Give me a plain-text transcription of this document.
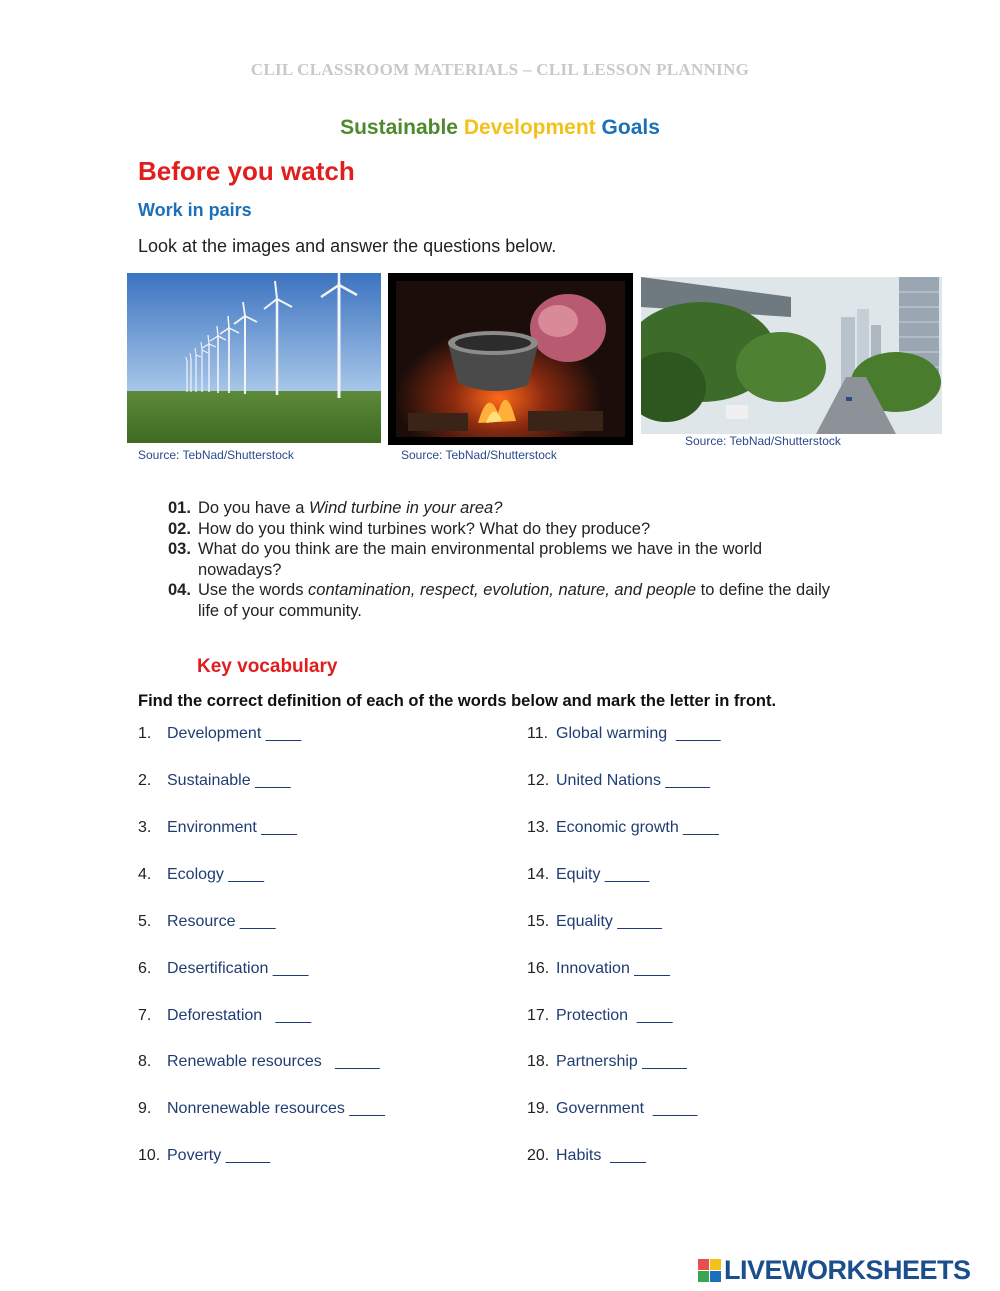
CLIL CLASSROOM MATERIALS – CLIL LESSON PLANNING
Sustainable Development Goals
Before you watch
Work in pairs
Look at the images and answer the questions below.
Source: TebNad/Shutterstock	Source: TebNad/Shutterstock
Source: TebNad/Shutterstock
01. Do you have a Wind turbine in your area?
02. How do you think wind turbines work? What do they produce?
03. What do you think are the main environmental problems we have in the world nowadays?
04. Use the words contamination, respect, evolution, nature, and people to define the daily life of your community.
Key vocabulary
Find the correct definition of each of the words below and mark the letter in front.
1. Development ____
2. Sustainable ____
3. Environment ____
4. Ecology ____
5. Resource ____
6. Desertification ____
7. Deforestation   ____
8. Renewable resources   _____
9. Nonrenewable resources ____
10. Poverty _____
11. Global warming  _____
12. United Nations _____
13. Economic growth ____
14. Equity _____
15. Equality _____
16. Innovation ____
17. Protection  ____
18. Partnership _____
19. Government  _____
20. Habits  ____
LIVEWORKSHEETS
